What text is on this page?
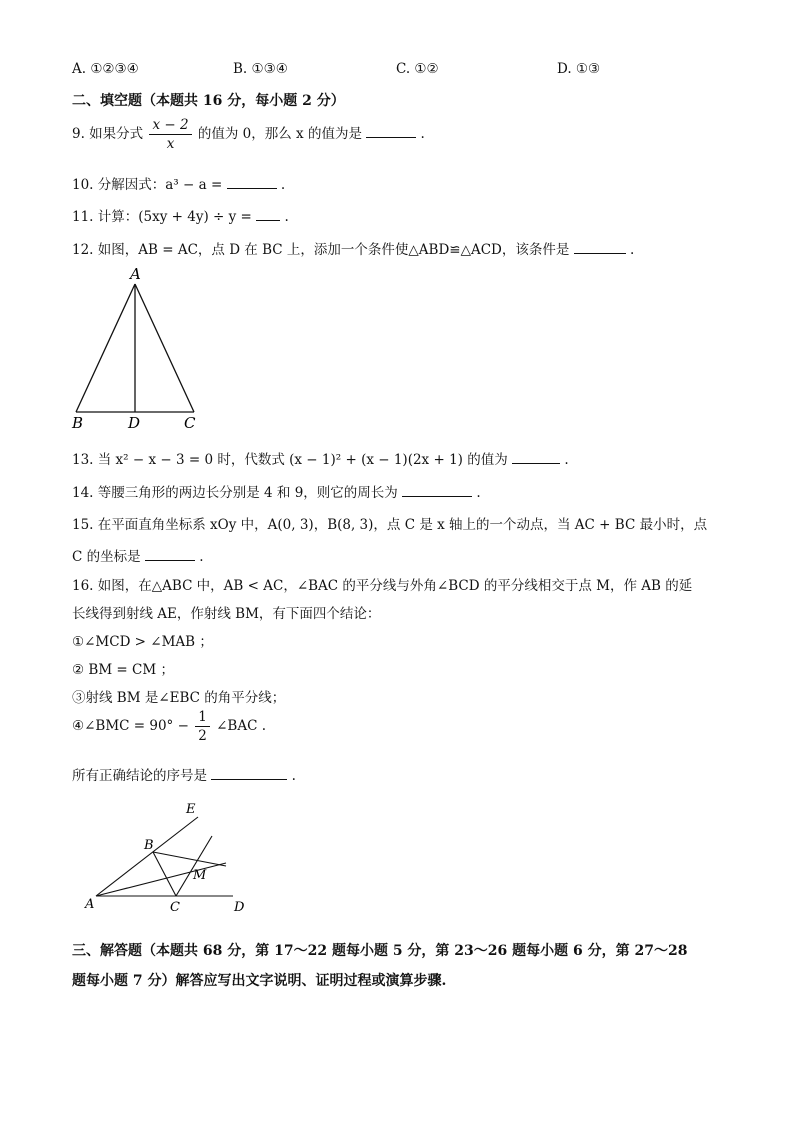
A. ①②③④	B. ①③④	C. ①②	D. ①③
二、填空题（本题共 16 分，每小题 2 分）
9. 如果分式 $\frac{x - 2}{x}$ 的值为 0，那么 x 的值为是	.
10. 分解因式：a³ − a =	.
11. 计算：(5xy + 4y) ÷ y = .
12. 如图，AB = AC，点 D 在 BC 上，添加一个条件使△ABD≌△ACD，该条件是	.
A
B	D	C
13. 当 x² − x − 3 = 0 时，代数式 (x − 1)² + (x − 1)(2x + 1) 的值为	.
14. 等腰三角形的两边长分别是 4 和 9，则它的周长为	.
15. 在平面直角坐标系 xOy 中，A(0, 3)，B(8, 3)，点 C 是 x 轴上的一个动点，当 AC + BC 最小时，点
C 的坐标是	.
16. 如图，在△ABC 中，AB < AC，∠BAC 的平分线与外角∠BCD 的平分线相交于点 M，作 AB 的延
长线得到射线 AE，作射线 BM，有下面四个结论：
①∠MCD > ∠MAB ；
② BM = CM ；
③射线 BM 是∠EBC 的角平分线；
④∠BMC = $90^\circ - \frac{1}{2}$ ∠BAC .
所有正确结论的序号是	.
E
B
M
A	C	D
三、解答题（本题共 68 分，第 17～22 题每小题 5 分，第 23～26 题每小题 6 分，第 27～28
题每小题 7 分）解答应写出文字说明、证明过程或演算步骤.
